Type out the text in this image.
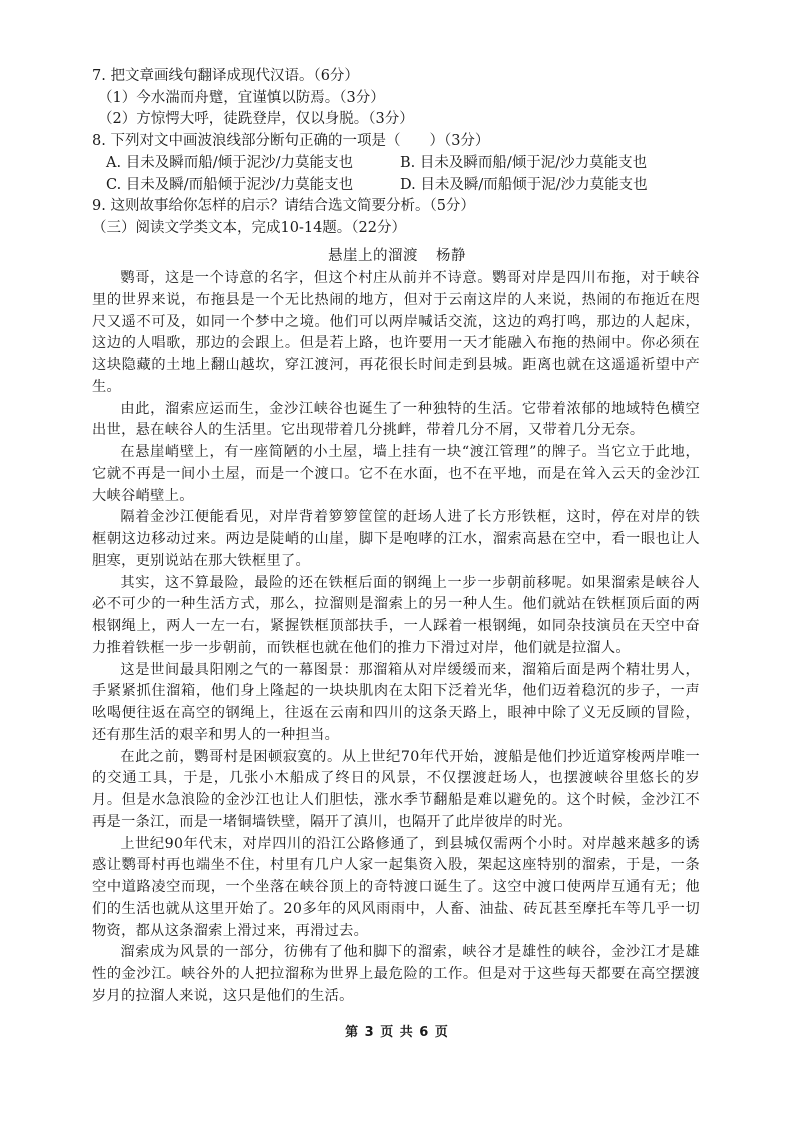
7. 把文章画线句翻译成现代汉语。（6分）
（1）今水湍而舟躄，宜谨慎以防焉。（3分）
（2）方惊愕大呼，徒跣登岸，仅以身脱。（3分）
8. 下列对文中画波浪线部分断句正确的一项是（　　）（3分）
A. 目未及瞬而船/倾于泥沙/力莫能支也	B. 目未及瞬而船/倾于泥/沙力莫能支也
C. 目未及瞬/而船倾于泥沙/力莫能支也	D. 目未及瞬/而船倾于泥/沙力莫能支也
9. 这则故事给你怎样的启示？请结合选文简要分析。（5分）
（三）阅读文学类文本，完成10-14题。（22分）
悬崖上的溜渡 杨静

鹦哥，这是一个诗意的名字，但这个村庄从前并不诗意。鹦哥对岸是四川布拖，对于峡谷里的世界来说，布拖县是一个无比热闹的地方，但对于云南这岸的人来说，热闹的布拖近在咫尺又遥不可及，如同一个梦中之境。他们可以两岸喊话交流，这边的鸡打鸣，那边的人起床，这边的人唱歌，那边的会跟上。但是若上路，也许要用一天才能融入布拖的热闹中。你必须在这块隐藏的土地上翻山越坎，穿江渡河，再花很长时间走到县城。距离也就在这遥遥祈望中产生。

由此，溜索应运而生，金沙江峡谷也诞生了一种独特的生活。它带着浓郁的地域特色横空出世，悬在峡谷人的生活里。它出现带着几分挑衅，带着几分不屑，又带着几分无奈。

在悬崖峭壁上，有一座简陋的小土屋，墙上挂有一块“渡江管理”的牌子。当它立于此地，它就不再是一间小土屋，而是一个渡口。它不在水面，也不在平地，而是在耸入云天的金沙江大峡谷峭壁上。

隔着金沙江便能看见，对岸背着箩箩筐筐的赶场人进了长方形铁框，这时，停在对岸的铁框朝这边移动过来。两边是陡峭的山崖，脚下是咆哮的江水，溜索高悬在空中，看一眼也让人胆寒，更别说站在那大铁框里了。

其实，这不算最险，最险的还在铁框后面的钢绳上一步一步朝前移呢。如果溜索是峡谷人必不可少的一种生活方式，那么，拉溜则是溜索上的另一种人生。他们就站在铁框顶后面的两根钢绳上，两人一左一右，紧握铁框顶部扶手，一人踩着一根钢绳，如同杂技演员在天空中奋力推着铁框一步一步朝前，而铁框也就在他们的推力下滑过对岸，他们就是拉溜人。

这是世间最具阳刚之气的一幕图景：那溜箱从对岸缓缓而来，溜箱后面是两个精壮男人，手紧紧抓住溜箱，他们身上隆起的一块块肌肉在太阳下泛着光华，他们迈着稳沉的步子，一声吆喝便往返在高空的钢绳上，往返在云南和四川的这条天路上，眼神中除了义无反顾的冒险，还有那生活的艰辛和男人的一种担当。

在此之前，鹦哥村是困顿寂寞的。从上世纪70年代开始，渡船是他们抄近道穿梭两岸唯一的交通工具，于是，几张小木船成了终日的风景，不仅摆渡赶场人，也摆渡峡谷里悠长的岁月。但是水急浪险的金沙江也让人们胆怯，涨水季节翻船是难以避免的。这个时候，金沙江不再是一条江，而是一堵铜墙铁壁，隔开了滇川，也隔开了此岸彼岸的时光。

上世纪90年代末，对岸四川的沿江公路修通了，到县城仅需两个小时。对岸越来越多的诱惑让鹦哥村再也端坐不住，村里有几户人家一起集资入股，架起这座特别的溜索，于是，一条空中道路凌空而现，一个坐落在峡谷顶上的奇特渡口诞生了。这空中渡口使两岸互通有无；他们的生活也就从这里开始了。20多年的风风雨雨中，人畜、油盐、砖瓦甚至摩托车等几乎一切物资，都从这条溜索上滑过来，再滑过去。

溜索成为风景的一部分，彷佛有了他和脚下的溜索，峡谷才是雄性的峡谷，金沙江才是雄性的金沙江。峡谷外的人把拉溜称为世界上最危险的工作。但是对于这些每天都要在高空摆渡岁月的拉溜人来说，这只是他们的生活。

第 3 页 共 6 页
